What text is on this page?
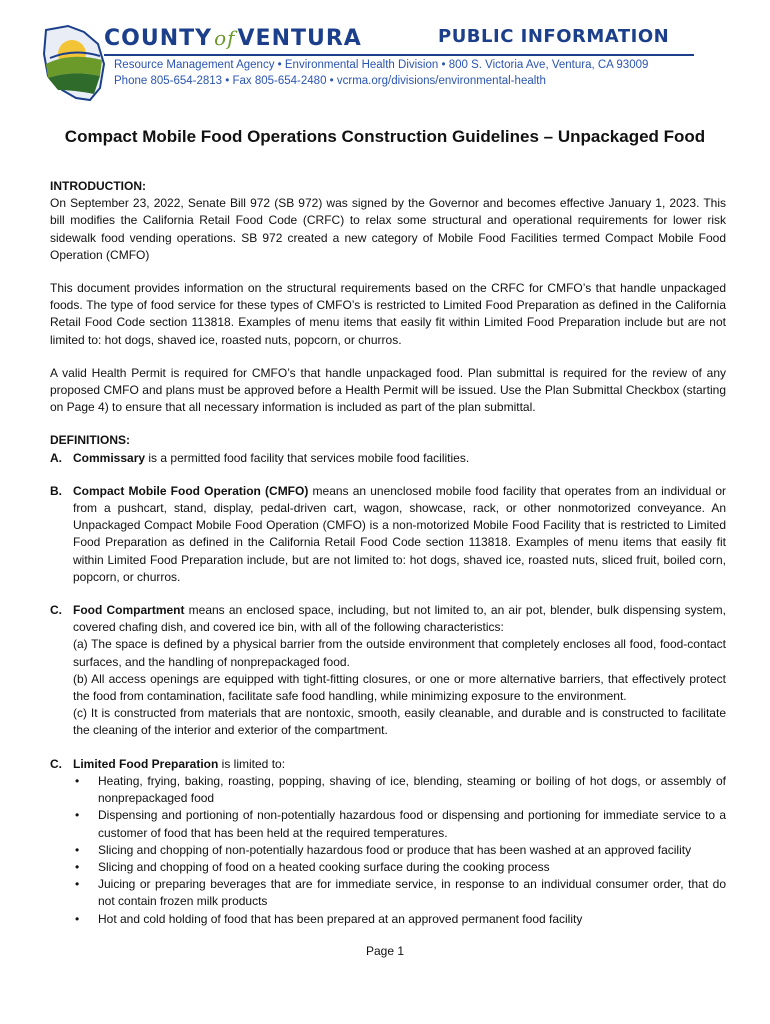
COUNTY ofVENTURA	PUBLIC INFORMATION
Resource Management Agency • Environmental Health Division • 800 S. Victoria Ave, Ventura, CA 93009
Phone 805-654-2813 • Fax 805-654-2480 • vcrma.org/divisions/environmental-health
Compact Mobile Food Operations Construction Guidelines – Unpackaged Food

INTRODUCTION:

On September 23, 2022, Senate Bill 972 (SB 972) was signed by the Governor and becomes effective January 1, 2023. This bill modifies the California Retail Food Code (CRFC) to relax some structural and operational requirements for lower risk sidewalk food vending operations. SB 972 created a new category of Mobile Food Facilities termed Compact Mobile Food Operation (CMFO)

This document provides information on the structural requirements based on the CRFC for CMFO’s that handle unpackaged foods. The type of food service for these types of CMFO’s is restricted to Limited Food Preparation as defined in the California Retail Food Code section 113818. Examples of menu items that easily fit within Limited Food Preparation include but are not limited to: hot dogs, shaved ice, roasted nuts, popcorn, or churros.

A valid Health Permit is required for CMFO’s that handle unpackaged food. Plan submittal is required for the review of any proposed CMFO and plans must be approved before a Health Permit will be issued. Use the Plan Submittal Checkbox (starting on Page 4) to ensure that all necessary information is included as part of the plan submittal.

DEFINITIONS:

A. Commissary is a permitted food facility that services mobile food facilities.
B. Compact Mobile Food Operation (CMFO) means an unenclosed mobile food facility that operates from an individual or from a pushcart, stand, display, pedal-driven cart, wagon, showcase, rack, or other nonmotorized conveyance. An Unpackaged Compact Mobile Food Operation (CMFO) is a non-motorized Mobile Food Facility that is restricted to Limited Food Preparation as defined in the California Retail Food Code section 113818. Examples of menu items that easily fit within Limited Food Preparation include, but are not limited to: hot dogs, shaved ice, roasted nuts, sliced fruit, boiled corn, popcorn, or churros.
C. Food Compartment means an enclosed space, including, but not limited to, an air pot, blender, bulk dispensing system, covered chafing dish, and covered ice bin, with all of the following characteristics:

(a) The space is defined by a physical barrier from the outside environment that completely encloses all food, food-contact surfaces, and the handling of nonprepackaged food.

(b) All access openings are equipped with tight-fitting closures, or one or more alternative barriers, that effectively protect the food from contamination, facilitate safe food handling, while minimizing exposure to the environment.

(c) It is constructed from materials that are nontoxic, smooth, easily cleanable, and durable and is constructed to facilitate the cleaning of the interior and exterior of the compartment.

C. Limited Food Preparation is limited to:

•	Heating, frying, baking, roasting, popping, shaving of ice, blending, steaming or boiling of hot dogs, or assembly of nonprepackaged food
•	Dispensing and portioning of non-potentially hazardous food or dispensing and portioning for immediate service to a customer of food that has been held at the required temperatures.
•	Slicing and chopping of non-potentially hazardous food or produce that has been washed at an approved facility
•	Slicing and chopping of food on a heated cooking surface during the cooking process
•	Juicing or preparing beverages that are for immediate service, in response to an individual consumer order, that do not contain frozen milk products
•	Hot and cold holding of food that has been prepared at an approved permanent food facility
Page 1
